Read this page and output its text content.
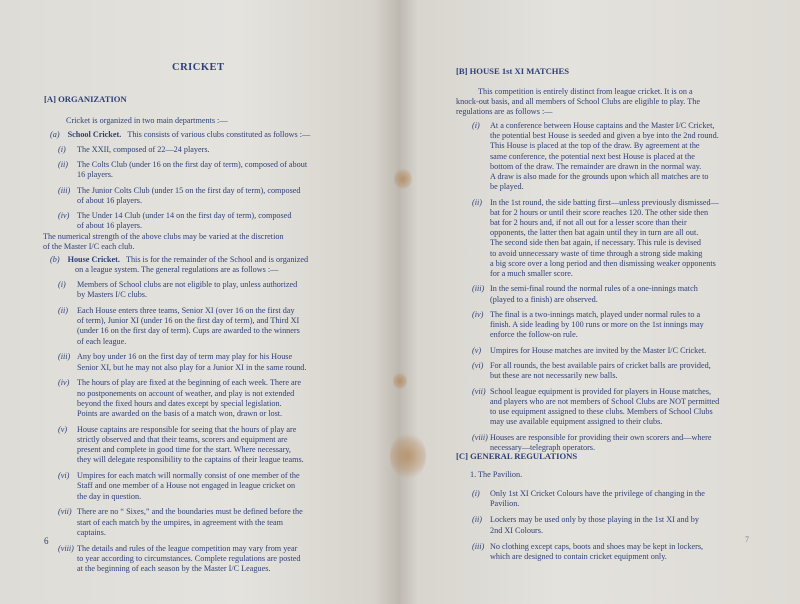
CRICKET
[A] ORGANIZATION
Cricket is organized in two main departments :—
(a) School Cricket. This consists of various clubs constituted as follows :—
(i) The XXII, composed of 22—24 players.
(ii) The Colts Club (under 16 on the first day of term), composed of about
16 players.
(iii) The Junior Colts Club (under 15 on the first day of term), composed
of about 16 players.
(iv) The Under 14 Club (under 14 on the first day of term), composed
of about 16 players.
The numerical strength of the above clubs may be varied at the discretion
of the Master I/C each club.
(b) House Cricket. This is for the remainder of the School and is organized
on a league system. The general regulations are as follows :—
(i) Members of School clubs are not eligible to play, unless authorized
by Masters I/C clubs.
(ii) Each House enters three teams, Senior XI (over 16 on the first day
of term), Junior XI (under 16 on the first day of term), and Third XI
(under 16 on the first day of term). Cups are awarded to the winners
of each league.
(iii) Any boy under 16 on the first day of term may play for his House
Senior XI, but he may not also play for a Junior XI in the same round.
(iv) The hours of play are fixed at the beginning of each week. There are
no postponements on account of weather, and play is not extended
beyond the fixed hours and dates except by special legislation.
Points are awarded on the basis of a match won, drawn or lost.
(v) House captains are responsible for seeing that the hours of play are
strictly observed and that their teams, scorers and equipment are
present and complete in good time for the start. Where necessary,
they will delegate responsibility to the captains of their league teams.
(vi) Umpires for each match will normally consist of one member of the
Staff and one member of a House not engaged in league cricket on
the day in question.
(vii) There are no “ Sixes,” and the boundaries must be defined before the
start of each match by the umpires, in agreement with the team
captains.
(viii) The details and rules of the league competition may vary from year
to year according to circumstances. Complete regulations are posted
at the beginning of each season by the Master I/C Leagues.
6
[B] HOUSE 1st XI MATCHES
This competition is entirely distinct from league cricket. It is on a
knock-out basis, and all members of School Clubs are eligible to play. The
regulations are as follows :—
(i) At a conference between House captains and the Master I/C Cricket,
the potential best House is seeded and given a bye into the 2nd round.
This House is placed at the top of the draw. By agreement at the
same conference, the potential next best House is placed at the
bottom of the draw. The remainder are drawn in the normal way.
A draw is also made for the grounds upon which all matches are to
be played.
(ii) In the 1st round, the side batting first—unless previously dismissed—
bat for 2 hours or until their score reaches 120. The other side then
bat for 2 hours and, if not all out for a lesser score than their
opponents, the latter then bat again until they in turn are all out.
The second side then bat again, if necessary. This rule is devised
to avoid unnecessary waste of time through a strong side making
a big score over a long period and then dismissing weaker opponents
for a much smaller score.
(iii) In the semi-final round the normal rules of a one-innings match
(played to a finish) are observed.
(iv) The final is a two-innings match, played under normal rules to a
finish. A side leading by 100 runs or more on the 1st innings may
enforce the follow-on rule.
(v) Umpires for House matches are invited by the Master I/C Cricket.
(vi) For all rounds, the best available pairs of cricket balls are provided,
but these are not necessarily new balls.
(vii) School league equipment is provided for players in House matches,
and players who are not members of School Clubs are NOT permitted
to use equipment assigned to these clubs. Members of School Clubs
may use available equipment assigned to their clubs.
(viii) Houses are responsible for providing their own scorers and—where
necessary—telegraph operators.
[C] GENERAL REGULATIONS
1. The Pavilion.
(i) Only 1st XI Cricket Colours have the privilege of changing in the
Pavilion.
(ii) Lockers may be used only by those playing in the 1st XI and by
2nd XI Colours.
(iii) No clothing except caps, boots and shoes may be kept in lockers,
which are designed to contain cricket equipment only.
7
